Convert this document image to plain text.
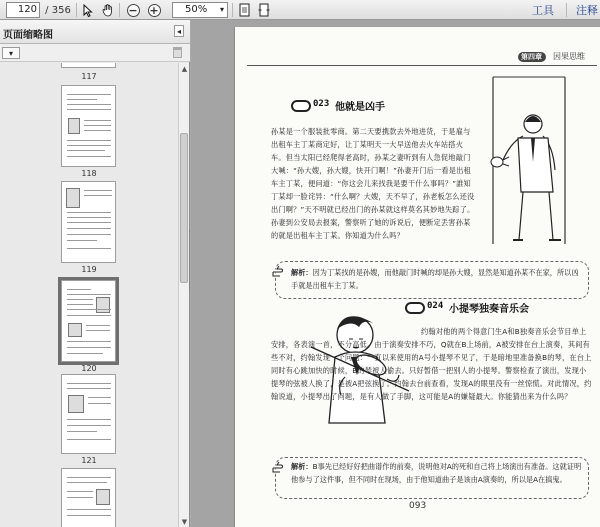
120 / 356	− +	50% ▾	工具 注释
页面缩略图	◂
▾
117
118
119
120
121
▲
▼
第四章 因果思维
023 他就是凶手
孙某是一个服装批零商。第二天要携款去外地进货，于是雇与出租车主丁某商定好，让丁某明天一大早送他去火车站搭火车。但当太阳已经爬得老高时，孙某之妻听到有人急促地敲门大喊：“孙大嫂，孙大嫂，快开门啊！”孙妻开门后一看是出租车主丁某，便问道：“你这会儿来找我是要干什么事吗？”誰知丁某却一脸诧异：“什么啊？大嫂，天不早了，孙老板怎么还没出门啊？”天不明就已经出门的孙某就这样莫名其妙地失踪了。孙妻到公安局去报案，警察听了她的诉说后，便断定丢害孙某的就是出租车主丁某。你知道为什么吗？
解析：因为丁某找的是孙嫂，而他敲门时喊的却是孙大嫂，显然是知道孙某不在家，所以凶手就是出租车主丁某。
024 小提琴独奏音乐会
约翰对他的两个得意门生A和B独奏音乐会节目单上安排，各表演一首，不分高低。由于演奏安排不巧，Q就在B上场前，A被安排在台上演奏，其间有些不对，约翰发现一个问题：一直以来使用的A号小提琴不见了，于是暗地里准备换B的琴，在台上同时有心跳加快的时候，B的琴被人偷去。只好暂借一把别人的小提琴。警察检查了演出，发现小提琴的弦被人换了，是被A把弦换了。约翰去台前查看，发现A的眼里没有一丝惊慌。对此情况，约翰说道，小提琴出了问题，是有人做了手脚，这可能是A的嫌疑最大。你能猜出来为什么吗？
解析：B事先已经好好把曲谱作的前奏，说明他对A的死和自己将上场演出有准备。这就证明他参与了这件事，但不同时在现场，由于他知道曲子是该由A演奏的，所以是A在搞鬼。
093
